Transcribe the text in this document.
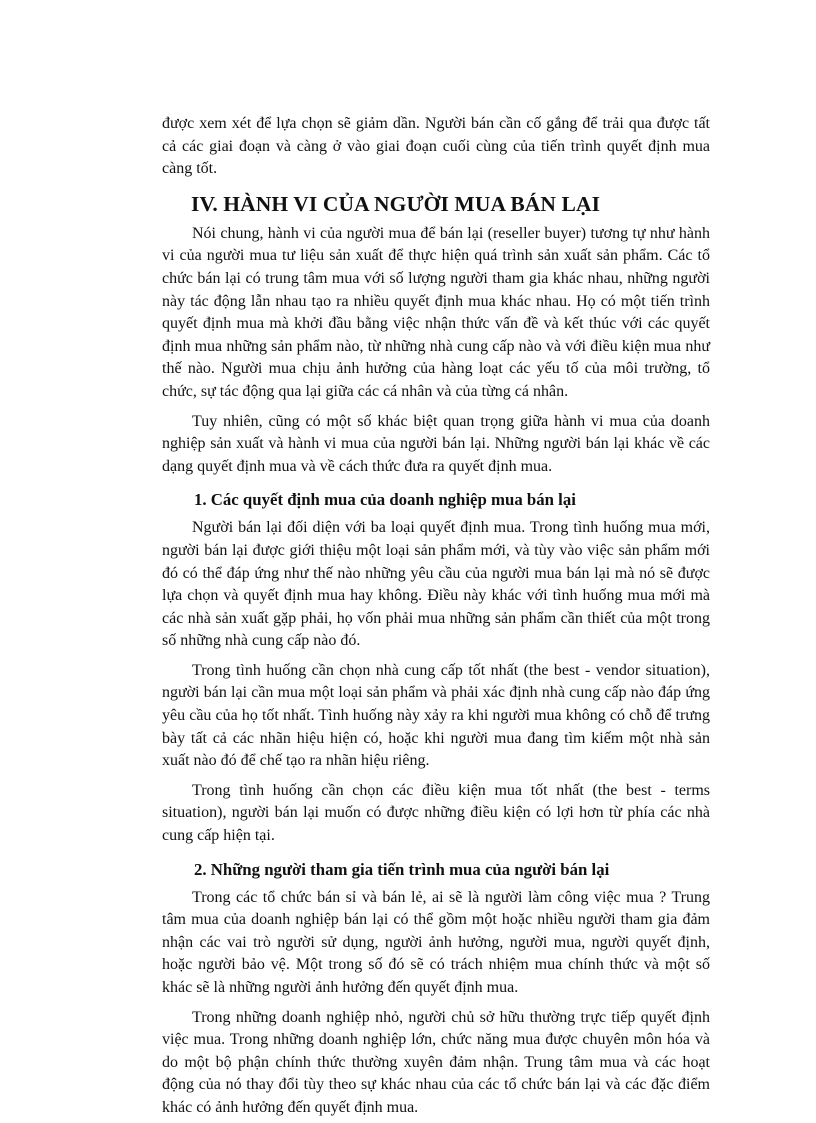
được xem xét để lựa chọn sẽ giảm dần. Người bán cần cố gắng để trải qua được tất cả các giai đoạn và càng ở vào giai đoạn cuối cùng của tiến trình quyết định mua càng tốt.

IV. HÀNH VI CỦA NGƯỜI MUA BÁN LẠI

Nói chung, hành vi của người mua để bán lại (reseller buyer) tương tự như hành vi của người mua tư liệu sản xuất để thực hiện quá trình sản xuất sản phẩm. Các tổ chức bán lại có trung tâm mua với số lượng người tham gia khác nhau, những người này tác động lẫn nhau tạo ra nhiều quyết định mua khác nhau. Họ có một tiến trình quyết định mua mà khởi đầu bằng việc nhận thức vấn đề và kết thúc với các quyết định mua những sản phẩm nào, từ những nhà cung cấp nào và với điều kiện mua như thế nào. Người mua chịu ảnh hưởng của hàng loạt các yếu tố của môi trường, tổ chức, sự tác động qua lại giữa các cá nhân và của từng cá nhân.

Tuy nhiên, cũng có một số khác biệt quan trọng giữa hành vi mua của doanh nghiệp sản xuất và hành vi mua của người bán lại. Những người bán lại khác về các dạng quyết định mua và về cách thức đưa ra quyết định mua.

1. Các quyết định mua của doanh nghiệp mua bán lại

Người bán lại đối diện với ba loại quyết định mua. Trong tình huống mua mới, người bán lại được giới thiệu một loại sản phẩm mới, và tùy vào việc sản phẩm mới đó có thể đáp ứng như thế nào những yêu cầu của người mua bán lại mà nó sẽ được lựa chọn và quyết định mua hay không. Điều này khác với tình huống mua mới mà các nhà sản xuất gặp phải, họ vốn phải mua những sản phẩm cần thiết của một trong số những nhà cung cấp nào đó.

Trong tình huống cần chọn nhà cung cấp tốt nhất (the best - vendor situation), người bán lại cần mua một loại sản phẩm và phải xác định nhà cung cấp nào đáp ứng yêu cầu của họ tốt nhất. Tình huống này xảy ra khi người mua không có chỗ để trưng bày tất cả các nhãn hiệu hiện có, hoặc khi người mua đang tìm kiếm một nhà sản xuất nào đó để chế tạo ra nhãn hiệu riêng.

Trong tình huống cần chọn các điều kiện mua tốt nhất (the best - terms situation), người bán lại muốn có được những điều kiện có lợi hơn từ phía các nhà cung cấp hiện tại.

2. Những người tham gia tiến trình mua của người bán lại

Trong các tổ chức bán sỉ và bán lẻ, ai sẽ là người làm công việc mua ? Trung tâm mua của doanh nghiệp bán lại có thể gồm một hoặc nhiều người tham gia đảm nhận các vai trò người sử dụng, người ảnh hưởng, người mua, người quyết định, hoặc người bảo vệ. Một trong số đó sẽ có trách nhiệm mua chính thức và một số khác sẽ là những người ảnh hưởng đến quyết định mua.

Trong những doanh nghiệp nhỏ, người chủ sở hữu thường trực tiếp quyết định việc mua. Trong những doanh nghiệp lớn, chức năng mua được chuyên môn hóa và do một bộ phận chính thức thường xuyên đảm nhận. Trung tâm mua và các hoạt động của nó thay đổi tùy theo sự khác nhau của các tổ chức bán lại và các đặc điểm khác có ảnh hưởng đến quyết định mua.
